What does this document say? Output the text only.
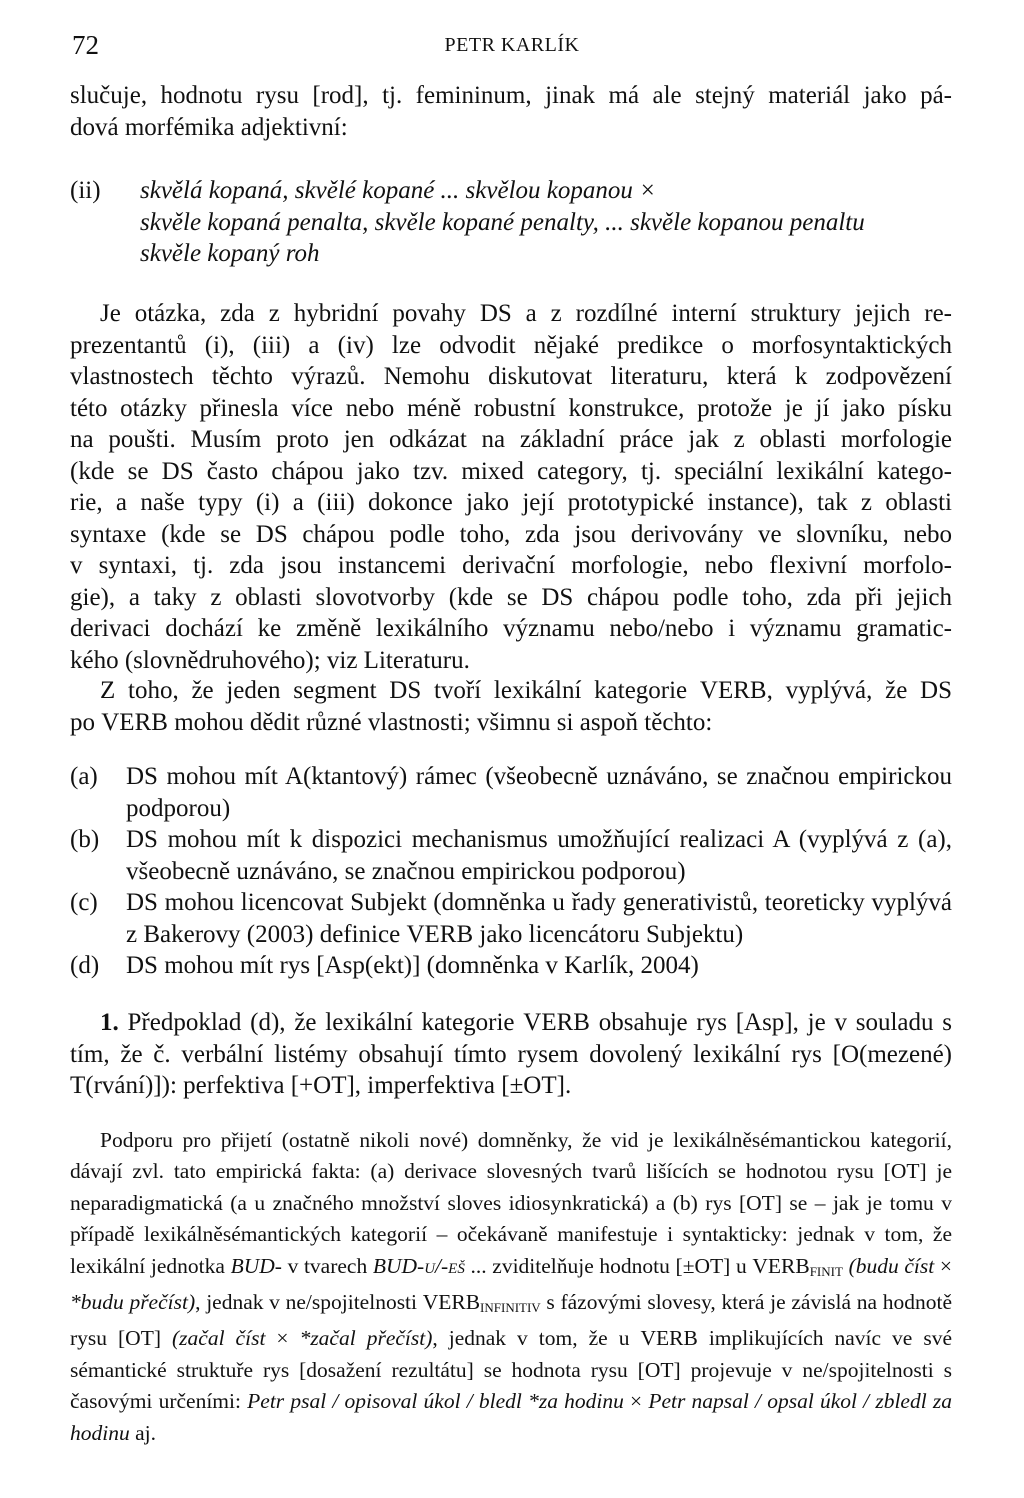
72	PETR KARLÍK
slučuje, hodnotu rysu [rod], tj. femininum, jinak má ale stejný materiál jako pá-
dová morfémika adjektivní:
(ii) skvělá kopaná, skvělé kopané ... skvělou kopanou ×
skvěle kopaná penalta, skvěle kopané penalty, ... skvěle kopanou penaltu
skvěle kopaný roh
Je otázka, zda z hybridní povahy DS a z rozdílné interní struktury jejich re-
prezentantů (i), (iii) a (iv) lze odvodit nějaké predikce o morfosyntaktických
vlastnostech těchto výrazů. Nemohu diskutovat literaturu, která k zodpovězení
této otázky přinesla více nebo méně robustní konstrukce, protože je jí jako písku
na poušti. Musím proto jen odkázat na základní práce jak z oblasti morfologie
(kde se DS často chápou jako tzv. mixed category, tj. speciální lexikální katego-
rie, a naše typy (i) a (iii) dokonce jako její prototypické instance), tak z oblasti
syntaxe (kde se DS chápou podle toho, zda jsou derivovány ve slovníku, nebo
v syntaxi, tj. zda jsou instancemi derivační morfologie, nebo flexivní morfolo-
gie), a taky z oblasti slovotvorby (kde se DS chápou podle toho, zda při jejich
derivaci dochází ke změně lexikálního významu nebo/nebo i významu gramatic-
kého (slovnědruhového); viz Literaturu.
Z toho, že jeden segment DS tvoří lexikální kategorie VERB, vyplývá, že DS
po VERB mohou dědit různé vlastnosti; všimnu si aspoň těchto:
(a) DS mohou mít A(ktantový) rámec (všeobecně uznáváno, se značnou empirickou podporou)
(b) DS mohou mít k dispozici mechanismus umožňující realizaci A (vyplývá z (a), všeobecně uznáváno, se značnou empirickou podporou)
(c) DS mohou licencovat Subjekt (domněnka u řady generativistů, teoreticky vyplývá z Bakerovy (2003) definice VERB jako licencátoru Subjektu)
(d) DS mohou mít rys [Asp(ekt)] (domněnka v Karlík, 2004)
1. Předpoklad (d), že lexikální kategorie VERB obsahuje rys [Asp], je v souladu s tím, že č. verbální listémy obsahují tímto rysem dovolený lexikální rys [O(mezené) T(rvání)]): perfektiva [+OT], imperfektiva [±OT].
Podporu pro přijetí (ostatně nikoli nové) domněnky, že vid je lexikálněsémantickou kategorií, dávají zvl. tato empirická fakta: (a) derivace slovesných tvarů lišících se hodnotou rysu [OT] je neparadigmatická (a u značného množství sloves idiosynkratická) a (b) rys [OT] se – jak je tomu v případě lexikálněsémantických kategorií – očekávaně manifestuje i syntakticky: jednak v tom, že lexikální jednotka BUD- v tvarech BUD-u/-eš ... zviditelňuje hodnotu [±OT] u $VERB_{FINIT}$ (budu číst × *budu přečíst), jednak v ne/spojitelnosti $VERB_{INFINITIV}$ s fázovými slovesy, která je závislá na hodnotě rysu [OT] (začal číst × *začal přečíst), jednak v tom, že u VERB implikujících navíc ve své sémantické struktuře rys [dosažení rezultátu] se hodnota rysu [OT] projevuje v ne/spojitelnosti s časovými určeními: Petr psal / opisoval úkol / bledl *za hodinu × Petr napsal / opsal úkol / zbledl za hodinu aj.
